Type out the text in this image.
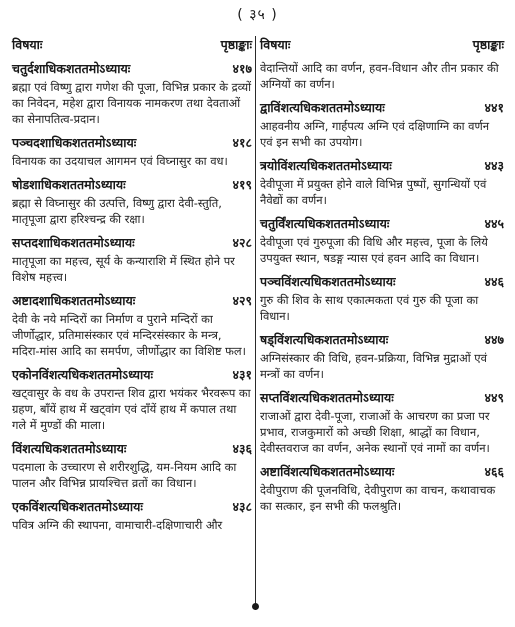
( ३५ )
विषयाः	पृष्ठाङ्काः
चतुर्दशाधिकशततमोऽध्यायः	४१७
ब्रह्मा एवं विष्णु द्वारा गणेश की पूजा, विभिन्न प्रकार के द्रव्यों का निवेदन, महेश द्वारा विनायक नामकरण तथा देवताओं का सेनापतित्व-प्रदान।
पञ्चदशाधिकशततमोऽध्यायः	४१८
विनायक का उदयाचल आगमन एवं विघ्नासुर का वध।
षोडशाधिकशततमोऽध्यायः	४१९
ब्रह्मा से विघ्नासुर की उत्पत्ति, विष्णु द्वारा देवी-स्तुति, मातृपूजा द्वारा हरिश्चन्द्र की रक्षा।
सप्तदशाधिकशततमोऽध्यायः	४२८
मातृपूजा का महत्त्व, सूर्य के कन्याराशि में स्थित होने पर विशेष महत्त्व।
अष्टादशाधिकशततमोऽध्यायः	४२९
देवी के नये मन्दिरों का निर्माण व पुराने मन्दिरों का जीर्णोद्धार, प्रतिमासंस्कार एवं मन्दिरसंस्कार के मन्त्र, मदिरा-मांस आदि का समर्पण, जीर्णोद्धार का विशिष्ट फल।
एकोनविंशत्यधिकशततमोऽध्यायः	४३१
खट्वासुर के वध के उपरान्त शिव द्वारा भयंकर भैरवरूप का ग्रहण, बाँयें हाथ में खट्वांग एवं दाँयें हाथ में कपाल तथा गले में मुण्डों की माला।
विंशत्यधिकशततमोऽध्यायः	४३६
पदमाला के उच्चारण से शरीरशुद्धि, यम-नियम आदि का पालन और विभिन्न प्रायश्चित्त व्रतों का विधान।
एकविंशत्यधिकशततमोऽध्यायः	४३८
पवित्र अग्नि की स्थापना, वामाचारी-दक्षिणाचारी और
विषयाः	पृष्ठाङ्काः
वेदान्तियों आदि का वर्णन, हवन-विधान और तीन प्रकार की अग्नियों का वर्णन।
द्वाविंशत्यधिकशततमोऽध्यायः	४४१
आहवनीय अग्नि, गार्हपत्य अग्नि एवं दक्षिणाग्नि का वर्णन एवं इन सभी का उपयोग।
त्रयोविंशत्यधिकशततमोऽध्यायः	४४३
देवीपूजा में प्रयुक्त होने वाले विभिन्न पुष्पों, सुगन्धियों एवं नैवेद्यों का वर्णन।
चतुर्विंशत्यधिकशततमोऽध्यायः	४४५
देवीपूजा एवं गुरुपूजा की विधि और महत्त्व, पूजा के लिये उपयुक्त स्थान, षडङ्ग न्यास एवं हवन आदि का विधान।
पञ्चविंशत्यधिकशततमोऽध्यायः	४४६
गुरु की शिव के साथ एकात्मकता एवं गुरु की पूजा का विधान।
षड्विंशत्यधिकशततमोऽध्यायः	४४७
अग्निसंस्कार की विधि, हवन-प्रक्रिया, विभिन्न मुद्राओं एवं मन्त्रों का वर्णन।
सप्तविंशत्यधिकशततमोऽध्यायः	४४९
राजाओं द्वारा देवी-पूजा, राजाओं के आचरण का प्रजा पर प्रभाव, राजकुमारों को अच्छी शिक्षा, श्राद्धों का विधान, देवीस्तवराज का वर्णन, अनेक स्थानों एवं नामों का वर्णन।
अष्टाविंशत्यधिकशततमोऽध्यायः	४६६
देवीपुराण की पूजनविधि, देवीपुराण का वाचन, कथावाचक का सत्कार, इन सभी की फलश्रुति।
